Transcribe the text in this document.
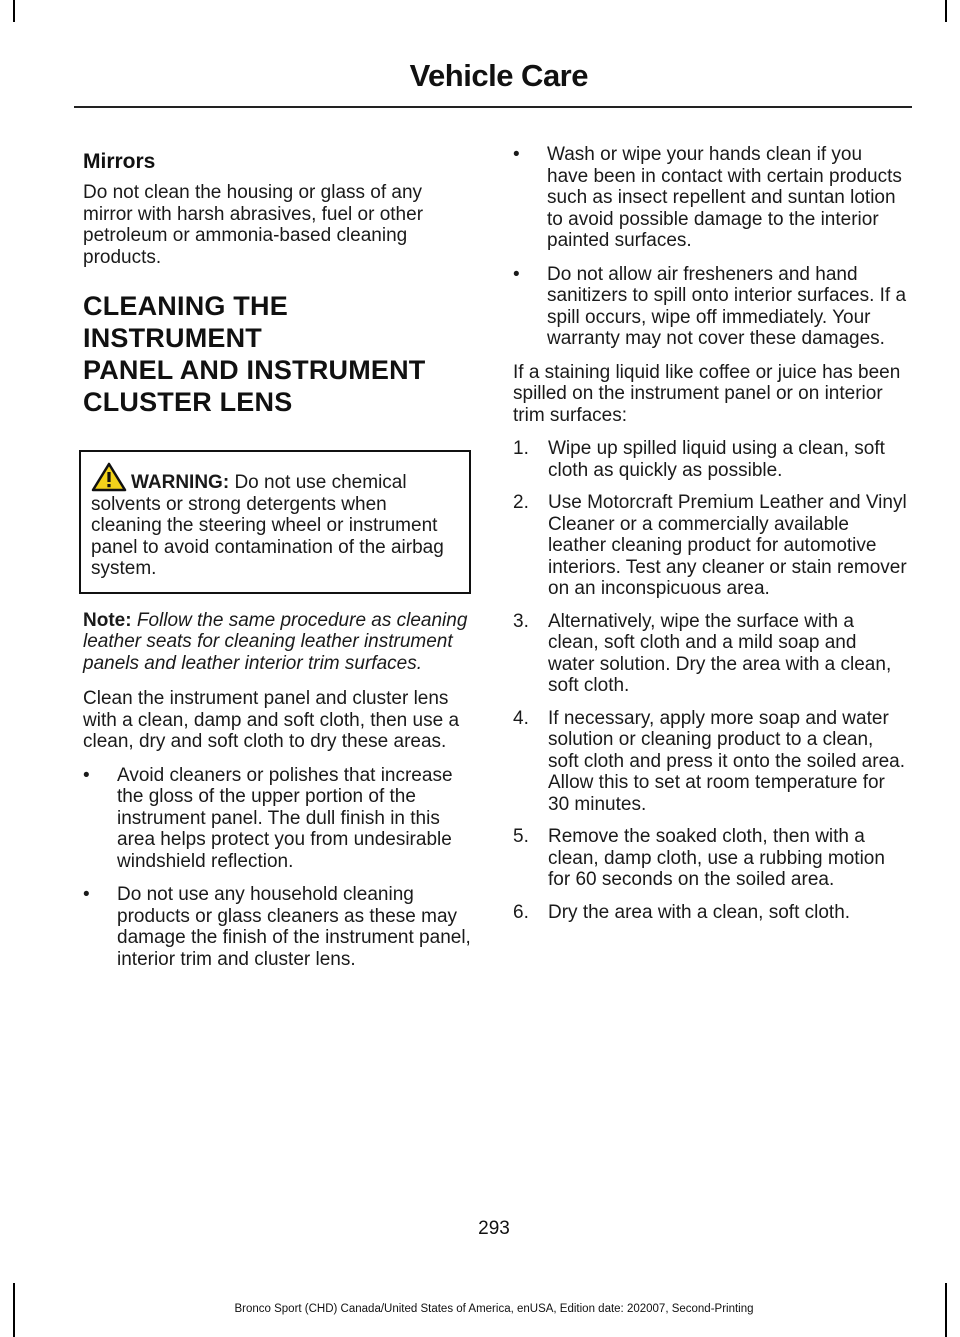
Vehicle Care
Mirrors

Do not clean the housing or glass of any mirror with harsh abrasives, fuel or other petroleum or ammonia-based cleaning products.

CLEANING THE INSTRUMENT
PANEL AND INSTRUMENT
CLUSTER LENS

WARNING: Do not use chemical solvents or strong detergents when cleaning the steering wheel or instrument panel to avoid contamination of the airbag system.

Note: Follow the same procedure as cleaning leather seats for cleaning leather instrument panels and leather interior trim surfaces.

Clean the instrument panel and cluster lens with a clean, damp and soft cloth, then use a clean, dry and soft cloth to dry these areas.

• Avoid cleaners or polishes that increase the gloss of the upper portion of the instrument panel. The dull finish in this area helps protect you from undesirable windshield reflection.
• Do not use any household cleaning products or glass cleaners as these may damage the finish of the instrument panel, interior trim and cluster lens.
• Wash or wipe your hands clean if you have been in contact with certain products such as insect repellent and suntan lotion to avoid possible damage to the interior painted surfaces.
• Do not allow air fresheners and hand sanitizers to spill onto interior surfaces. If a spill occurs, wipe off immediately. Your warranty may not cover these damages.

If a staining liquid like coffee or juice has been spilled on the instrument panel or on interior trim surfaces:

1. Wipe up spilled liquid using a clean, soft cloth as quickly as possible.
2. Use Motorcraft Premium Leather and Vinyl Cleaner or a commercially available leather cleaning product for automotive interiors. Test any cleaner or stain remover on an inconspicuous area.
3. Alternatively, wipe the surface with a clean, soft cloth and a mild soap and water solution. Dry the area with a clean, soft cloth.
4. If necessary, apply more soap and water solution or cleaning product to a clean, soft cloth and press it onto the soiled area. Allow this to set at room temperature for 30 minutes.
5. Remove the soaked cloth, then with a clean, damp cloth, use a rubbing motion for 60 seconds on the soiled area.
6. Dry the area with a clean, soft cloth.
293
Bronco Sport (CHD) Canada/United States of America, enUSA, Edition date: 202007, Second-Printing
